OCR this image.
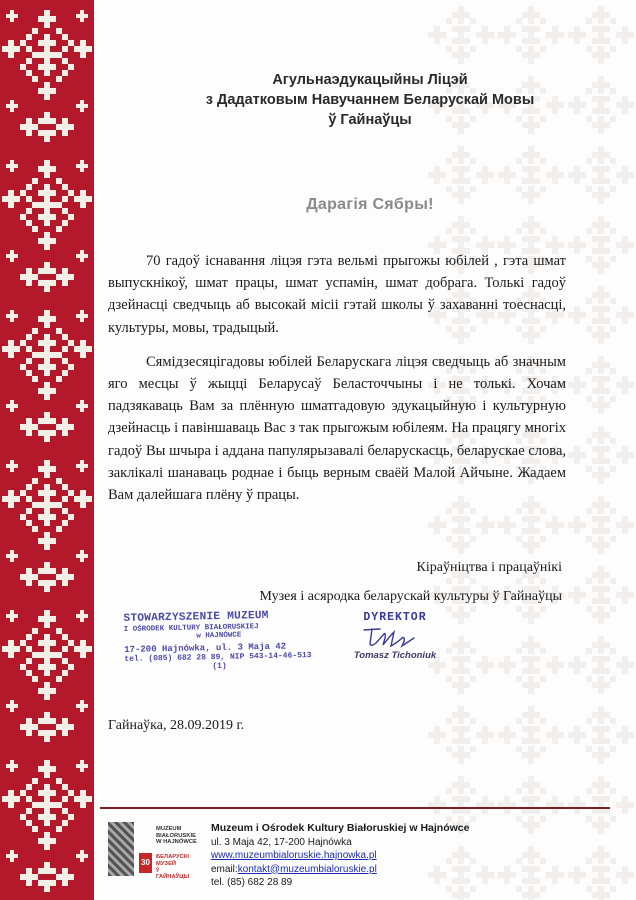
Агульнаэдукацыйны Ліцэй
з Дадатковым Навучаннем Беларускай Мовы
ў Гайнаўцы
Дарагія Сябры!

70 гадоў існавання ліцэя гэта вельмі прыгожы юбілей , гэта шмат выпускнікоў, шмат працы, шмат успамін, шмат добрага. Толькі гадоў дзейнасці сведчыць аб высокай місіі гэтай школы ў захаванні тоеснасці, культуры, мовы, традыцый.

Сямідзесяцігадовы юбілей Беларускага ліцэя сведчыць аб значным яго месцы ў жыцці Беларусаў Беласточчыны і не толькі. Хочам падзякаваць Вам за плённую шматгадовую эдукацыйную і культурную дзейнасць і павіншаваць Вас з так прыгожым юбілеям. На працягу многіх гадоў Вы шчыра і аддана папулярызавалі беларускасць, беларускае слова, заклікалі шанаваць роднае і быць верным сваёй Малой Айчыне. Жадаем Вам далейшага плёну ў працы.

Кіраўніцтва і працаўнікі
Музея і асяродка беларускай культуры ў Гайнаўцы
STOWARZYSZENIE MUZEUM
I OŚRODEK KULTURY BIAŁORUSKIEJ
w HAJNÓWCE
17-200 Hajnówka, ul. 3 Maja 42
tel. (085) 682 28 89, NIP 543-14-46-513
(1)
DYREKTOR
Tomasz Tichoniuk
Гайнаўка, 28.09.2019 г.
MUZEUM
BIAŁORUSKIE
W HAJNÓWCE
30
БЕЛАРУСКІ
МУЗЕЙ
ў
ГАЙНАЎЦЫ
Muzeum i Ośrodek Kultury Białoruskiej w Hajnówce
ul. 3 Maja 42, 17-200 Hajnówka
www.muzeumbialoruskie.hajnowka.pl
email:kontakt@muzeumbialoruskie.pl
tel. (85) 682 28 89
